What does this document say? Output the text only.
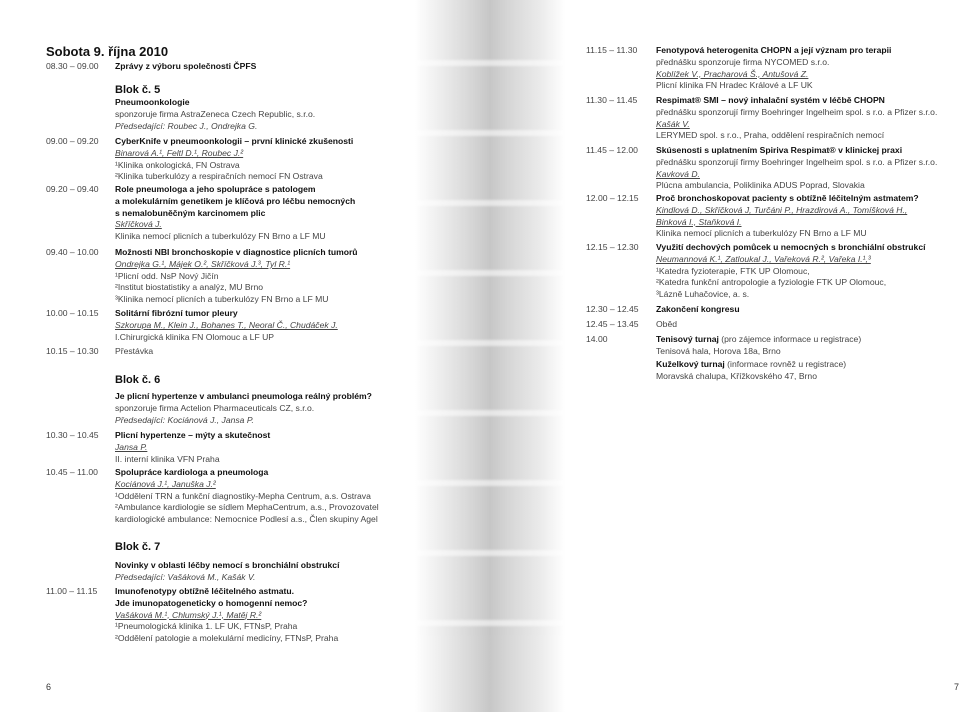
Sobota 9. října 2010
08.30 – 09.00	Zprávy z výboru společnosti ČPFS
Blok č. 5
Pneumoonkologie
sponzoruje firma AstraZeneca Czech Republic, s.r.o.
Předsedající: Roubec J., Ondrejka G.
09.00 – 09.20	CyberKnife v pneumoonkologii – první klinické zkušenosti
Binarová A.¹, Feltl D.¹, Roubec J.²
¹Klinika onkologická, FN Ostrava
²Klinika tuberkulózy a respiračních nemocí FN Ostrava
09.20 – 09.40	Role pneumologa a jeho spolupráce s patologem
a molekulárním genetikem je klíčová pro léčbu nemocných
s nemalobuněčným karcinomem plic
Skříčková J.
Klinika nemocí plicních a tuberkulózy FN Brno a LF MU
09.40 – 10.00	Možnosti NBI bronchoskopie v diagnostice plicních tumorů
Ondrejka G.¹, Májek O.², Skříčková J.³, Tyl R.¹
¹Plicní odd. NsP Nový Jičín
²Institut biostatistiky a analýz, MU Brno
³Klinika nemocí plicních a tuberkulózy FN Brno a LF MU
10.00 – 10.15	Solitární fibrózní tumor pleury
Szkorupa M., Klein J., Bohanes T., Neoral Č., Chudáček J.
I.Chirurgická klinika FN Olomouc a LF UP
10.15 – 10.30	Přestávka
Blok č. 6
Je plicní hypertenze v ambulanci pneumologa reálný problém?
sponzoruje firma Actelion Pharmaceuticals CZ, s.r.o.
Předsedající: Kociánová J., Jansa P.
10.30 – 10.45	Plicní hypertenze – mýty a skutečnost
Jansa P.
II. interní klinika VFN Praha
10.45 – 11.00	Spolupráce kardiologa a pneumologa
Kociánová J.¹, Januška J.²
¹Oddělení TRN a funkční diagnostiky-Mepha Centrum, a.s. Ostrava
²Ambulance kardiologie se sídlem MephaCentrum, a.s., Provozovatel
kardiologické ambulance: Nemocnice Podlesí a.s., Člen skupiny Agel
Blok č. 7
Novinky v oblasti léčby nemocí s bronchiální obstrukcí
Předsedající: Vašáková M., Kašák V.
11.00 – 11.15	Imunofenotypy obtížně léčitelného astmatu.
Jde imunopatogeneticky o homogenní nemoc?
Vašáková M.¹, Chlumský J.¹, Matěj R.²
¹Pneumologická klinika 1. LF UK, FTNsP, Praha
²Oddělení patologie a molekulární medicíny, FTNsP, Praha
6
11.15 – 11.30	Fenotypová heterogenita CHOPN a její význam pro terapii
přednášku sponzoruje firma NYCOMED s.r.o.
Koblížek V., Pracharová Š., Antušová Z.
Plicní klinika FN Hradec Králové a LF UK
11.30 – 11.45	Respimat® SMI – nový inhalační systém v léčbě CHOPN
přednášku sponzorují firmy Boehringer Ingelheim spol. s r.o. a Pfizer s.r.o.
Kašák V.
LERYMED spol. s r.o., Praha, oddělení respiračních nemocí
11.45 – 12.00	Skúsenosti s uplatnením Spiriva Respimat® v klinickej praxi
přednášku sponzorují firmy Boehringer Ingelheim spol. s r.o. a Pfizer s.r.o.
Kavková D.
Plúcna ambulancia, Poliklinika ADUS Poprad, Slovakia
12.00 – 12.15	Proč bronchoskopovat pacienty s obtížně léčitelným astmatem?
Kindlová D., Skříčková J, Turčáni P., Hrazdirová A., Tomíšková H.,
Binková I., Staňková I.
Klinika nemocí plicních a tuberkulózy FN Brno a LF MU
12.15 – 12.30	Využití dechových pomůcek u nemocných s bronchiální obstrukcí
Neumannová K.¹, Zatloukal J., Vařeková R.², Vařeka I.¹,³
¹Katedra fyzioterapie, FTK UP Olomouc,
²Katedra funkční antropologie a fyziologie FTK UP Olomouc,
³Lázně Luhačovice, a. s.
12.30 – 12.45	Zakončení kongresu
12.45 – 13.45	Oběd
14.00	Tenisový turnaj (pro zájemce informace u registrace)
Tenisová hala, Horova 18a, Brno
Kuželkový turnaj (informace rovněž u registrace)
Moravská chalupa, Křížkovského 47, Brno
7
